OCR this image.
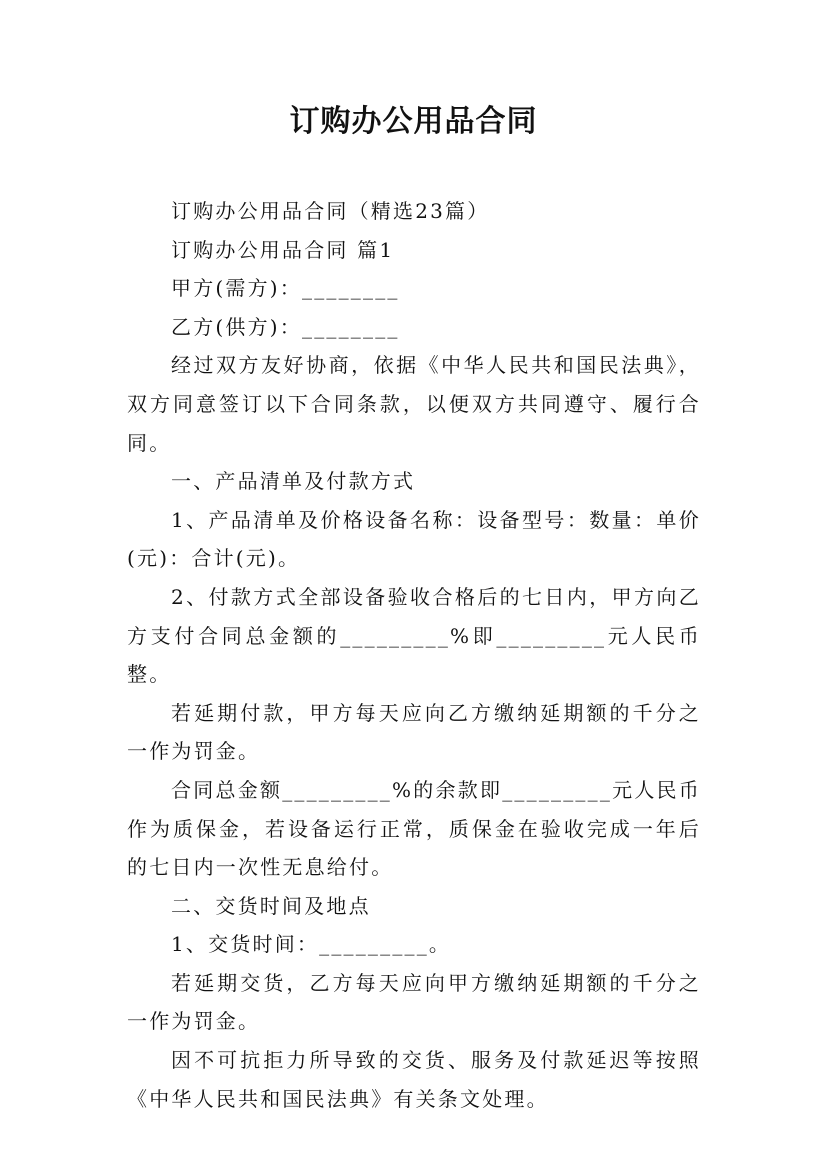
订购办公用品合同

订购办公用品合同（精选23篇）

订购办公用品合同 篇1

甲方(需方)：________

乙方(供方)：________

经过双方友好协商，依据《中华人民共和国民法典》，双方同意签订以下合同条款，以便双方共同遵守、履行合同。

一、产品清单及付款方式

1、产品清单及价格设备名称：设备型号：数量：单价(元)：合计(元)。

2、付款方式全部设备验收合格后的七日内，甲方向乙方支付合同总金额的_________%即_________元人民币整。

若延期付款，甲方每天应向乙方缴纳延期额的千分之一作为罚金。

合同总金额_________%的余款即_________元人民币作为质保金，若设备运行正常，质保金在验收完成一年后的七日内一次性无息给付。

二、交货时间及地点

1、交货时间：_________。

若延期交货，乙方每天应向甲方缴纳延期额的千分之一作为罚金。

因不可抗拒力所导致的交货、服务及付款延迟等按照《中华人民共和国民法典》有关条文处理。
